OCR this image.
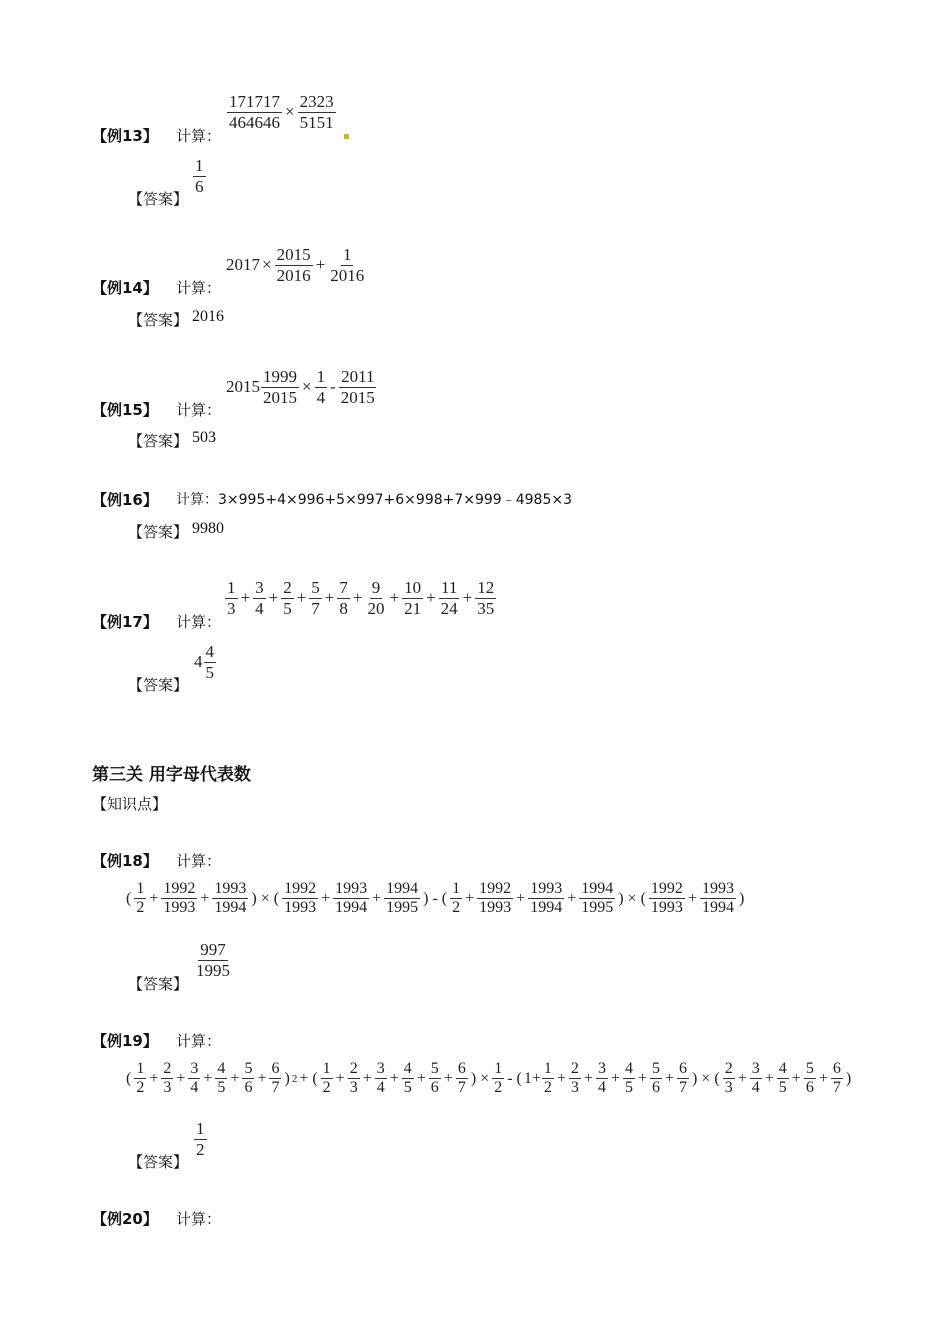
【例13】 计算：
$\frac{171717}{464646} \times \frac{2323}{5151}$
【答案】
$\frac{1}{6}$
【例14】 计算：
$2017 \times \frac{2015}{2016} + \frac{1}{2016}$
【答案】 2016
【例15】 计算：
$2015 \frac{1999}{2015} \times \frac{1}{4} - \frac{2011}{2015}$
【答案】 503
【例16】 计算：3×995+4×996+5×997+6×998+7×999﹣4985×3
【答案】 9980
【例17】 计算：
$\frac{1}{3} + \frac{3}{4} + \frac{2}{5} + \frac{5}{7} + \frac{7}{8} + \frac{9}{20} + \frac{10}{21} + \frac{11}{24} + \frac{12}{35}$
【答案】
$4 \frac{4}{5}$
第三关 用字母代表数
【知识点】
【例18】 计算：
( $\frac{1}{2} + \frac{1992}{1993} + \frac{1993}{1994}$ ) × ( $\frac{1992}{1993} + \frac{1993}{1994} + \frac{1994}{1995}$ ) - ( $\frac{1}{2} + \frac{1992}{1993} + \frac{1993}{1994} + \frac{1994}{1995}$ ) × ( $\frac{1992}{1993} + \frac{1993}{1994}$ )
【答案】
$\frac{997}{1995}$
【例19】 计算：
( $\frac{1}{2} + \frac{2}{3} + \frac{3}{4} + \frac{4}{5} + \frac{5}{6} + \frac{6}{7}$ ) 2 + ( $\frac{1}{2} + \frac{2}{3} + \frac{3}{4} + \frac{4}{5} + \frac{5}{6} + \frac{6}{7}$ ) × $\frac{1}{2}$ - ( $1+ \frac{1}{2} + \frac{2}{3} + \frac{3}{4} + \frac{4}{5} + \frac{5}{6} + \frac{6}{7}$ ) × ( $\frac{2}{3} + \frac{3}{4} + \frac{4}{5} + \frac{5}{6} + \frac{6}{7}$ )
【答案】
$\frac{1}{2}$
【例20】 计算：
